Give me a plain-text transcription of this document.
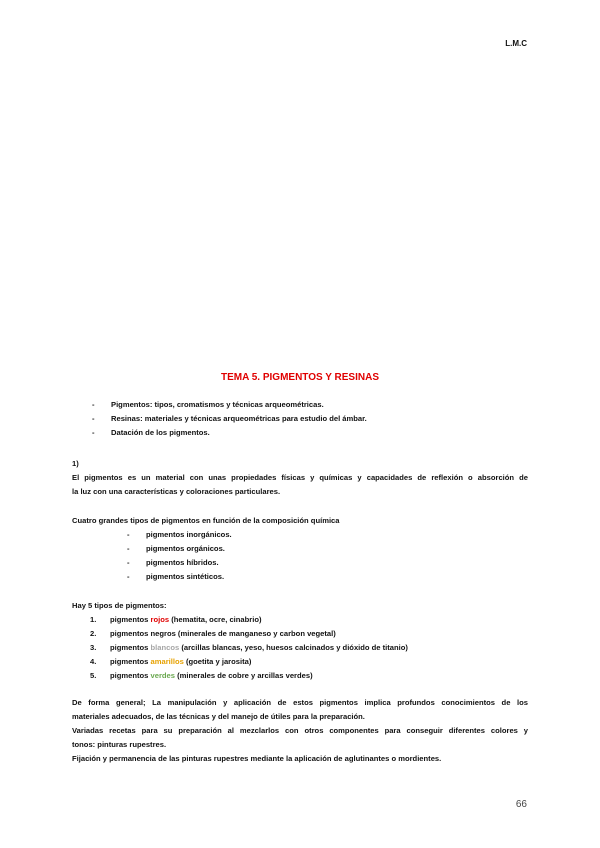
L.M.C
TEMA 5. PIGMENTOS Y RESINAS
-	Pigmentos: tipos, cromatismos y técnicas arqueométricas.
-	Resinas: materiales y técnicas arqueométricas para estudio del ámbar.
-	Datación de los pigmentos.
1)
El pigmentos es un material con unas propiedades físicas y químicas y capacidades de reflexión o absorción de
la luz con una características y coloraciones particulares.
Cuatro grandes tipos de pigmentos en función de la composición química
-	pigmentos inorgánicos.
-	pigmentos orgánicos.
-	pigmentos híbridos.
-	pigmentos sintéticos.
Hay 5 tipos de pigmentos:
1.	pigmentos rojos (hematita, ocre, cinabrio)
2.	pigmentos negros (minerales de manganeso y carbon vegetal)
3.	pigmentos blancos (arcillas blancas, yeso, huesos calcinados y dióxido de titanio)
4.	pigmentos amarillos (goetita y jarosita)
5.	pigmentos verdes (minerales de cobre y arcillas verdes)
De forma general; La manipulación y aplicación de estos pigmentos implica profundos conocimientos de los
materiales adecuados, de las técnicas y del manejo de útiles para la preparación.
Variadas recetas para su preparación al mezclarlos con otros componentes para conseguir diferentes colores y
tonos: pinturas rupestres.
Fijación y permanencia de las pinturas rupestres mediante la aplicación de aglutinantes o mordientes.
66
